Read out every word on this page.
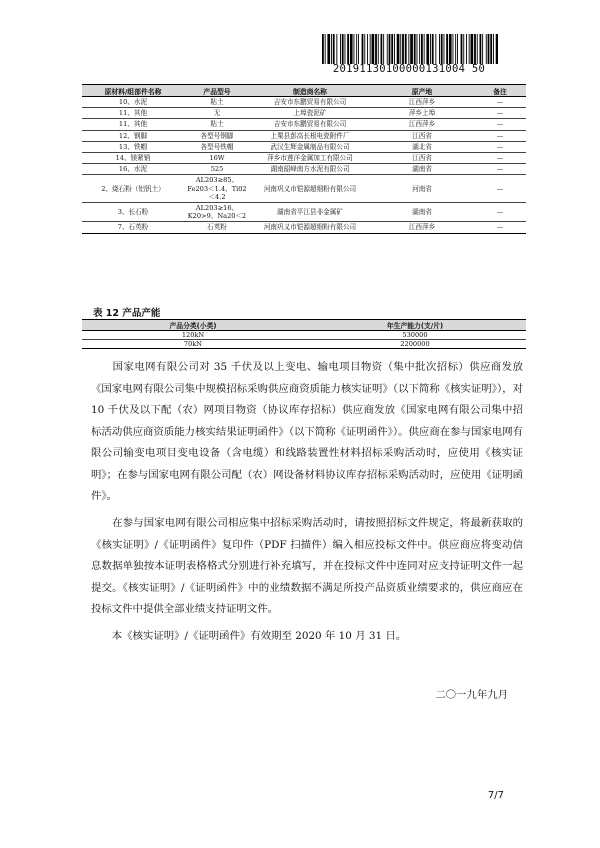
20191130100000131004 50
原材料/组部件名称	产品型号	制造商名称	原产地	备注
10、水泥	粘土	吉安市东鹏贸易有限公司	江西萍乡	—
11、其他	无	上埠瓷泥矿	萍乡上埠	—
11、其他	粘土	吉安市东鹏贸易有限公司	江西萍乡	—
12、钢脚	各型号钢脚	上栗县彭高长根电瓷附件厂	江西省	—
13、铁帽	各型号铁帽	武汉生辉金属制品有限公司	湖北省	—
14、镁紧销	16W	萍乡市莲洋金属加工有限公司	江西省	—
16、水泥	525	湖南韶峰南方水泥有限公司	湖南省	—
2、烧石粉（铝钒土）	AL203≥85、Fe203＜1.4、Ti02＜4.2	河南巩义市铠源超细粉有限公司	河南省	—
3、长石粉	AL203≥16、K20>9、Na20＜2	湖南省平江县非金属矿	湖南省	—
7、石英粉	石英粉	河南巩义市铠源超细粉有限公司	江西萍乡	—
表 12 产品产能
产品分类(小类)	年生产能力(支/片)
120kN	530000
70kN	2200000

　　国家电网有限公司对 35 千伏及以上变电、输电项目物资（集中批次招标）供应商发放《国家电网有限公司集中规模招标采购供应商资质能力核实证明》（以下简称《核实证明》），对 10 千伏及以下配（农）网项目物资（协议库存招标）供应商发放《国家电网有限公司集中招标活动供应商资质能力核实结果证明函件》（以下简称《证明函件》）。供应商在参与国家电网有限公司输变电项目变电设备（含电缆）和线路装置性材料招标采购活动时，应使用《核实证明》；在参与国家电网有限公司配（农）网设备材料协议库存招标采购活动时，应使用《证明函件》。

　　在参与国家电网有限公司相应集中招标采购活动时，请按照招标文件规定，将最新获取的《核实证明》/《证明函件》复印件（PDF 扫描件）编入相应投标文件中。供应商应将变动信息数据单独按本证明表格格式分别进行补充填写，并在投标文件中连同对应支持证明文件一起提交。《核实证明》/《证明函件》中的业绩数据不满足所投产品资质业绩要求的，供应商应在投标文件中提供全部业绩支持证明文件。

　　本《核实证明》/《证明函件》有效期至 2020 年 10 月 31 日。

二〇一九年九月
7/7
